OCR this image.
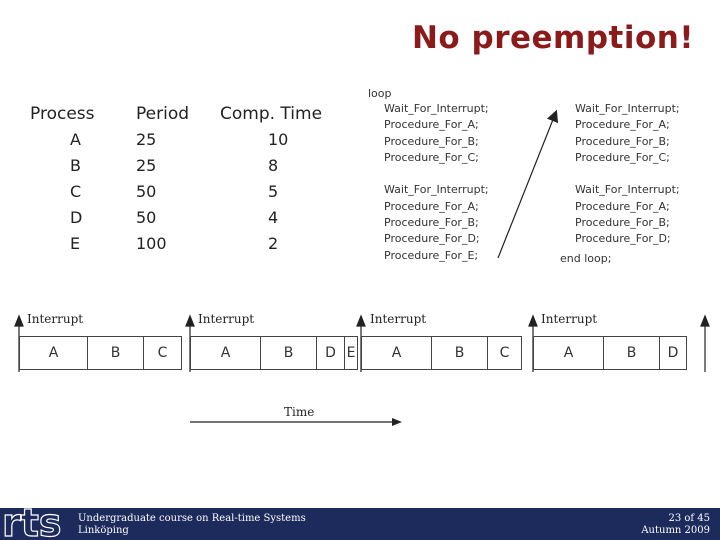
No preemption!
Process Period Comp. Time
A	25	10
B	25	8
C	50	5
D	50	4
E	100	2
loop
Wait_For_Interrupt;
Procedure_For_A;
Procedure_For_B;
Procedure_For_C;
Wait_For_Interrupt;
Procedure_For_A;
Procedure_For_B;
Procedure_For_D;
Procedure_For_E;
Wait_For_Interrupt;
Procedure_For_A;
Procedure_For_B;
Procedure_For_C;
Wait_For_Interrupt;
Procedure_For_A;
Procedure_For_B;
Procedure_For_D;
end loop;
Interrupt	Interrupt	Interrupt	Interrupt
A	B	C	A	B	D E	A	B	C	A	B	D
Time
rts Undergraduate course on Real-time Systems
Linköping
23 of 45
Autumn 2009
